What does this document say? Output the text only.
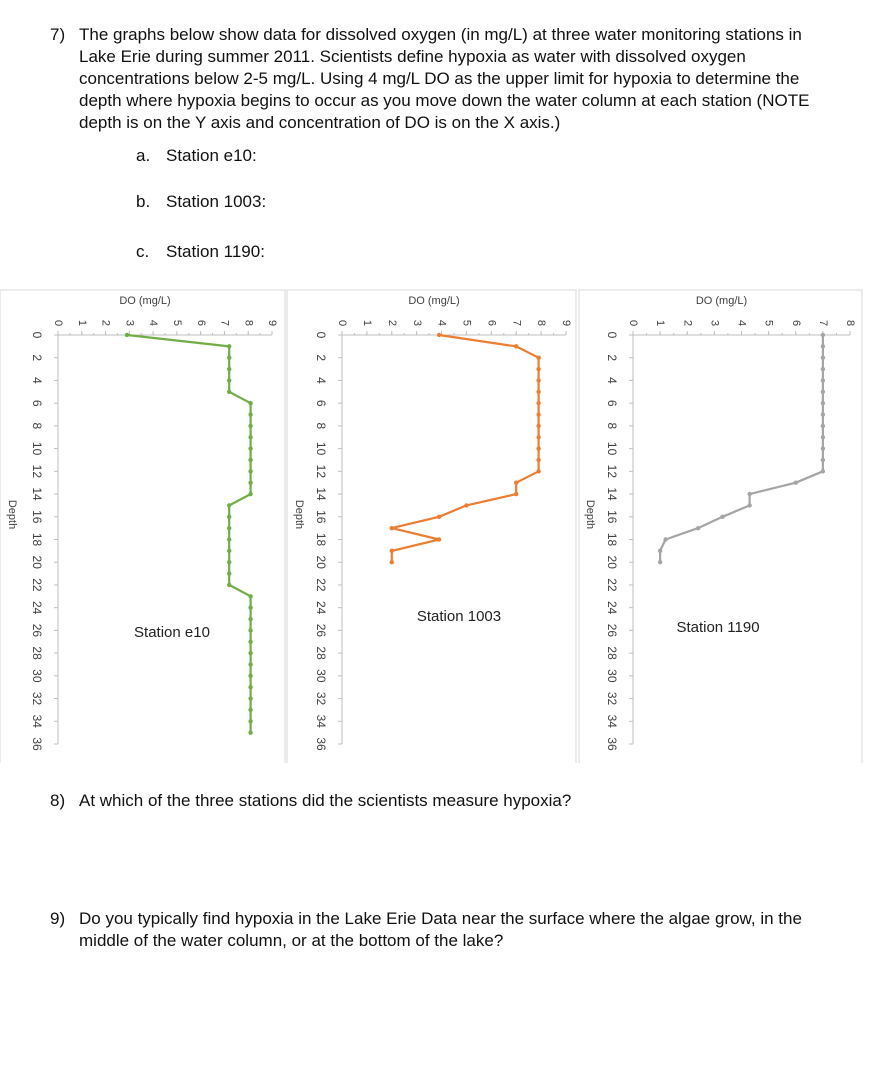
7) The graphs below show data for dissolved oxygen (in mg/L) at three water monitoring stations in Lake Erie during summer 2011. Scientists define hypoxia as water with dissolved oxygen concentrations below 2-5 mg/L. Using 4 mg/L DO as the upper limit for hypoxia to determine the depth where hypoxia begins to occur as you move down the water column at each station (NOTE depth is on the Y axis and concentration of DO is on the X axis.)
a. Station e10:
b. Station 1003:
c. Station 1190:
0 1 2 3 4 5 6 7 8 9
0
2
4
6
8
10
12
14
16
18
20
22
24
26
28
30
32
34
36
DO (mg/L)
Depth
Station e10
0 1 2 3 4 5 6 7 8 9
0
2
4
6
8
10
12
14
16
18
20
22
24
26
28
30
32
34
36
DO (mg/L)
Depth
Station 1003
0 1 2 3 4 5 6 7 8
0
2
4
6
8
10
12
14
16
18
20
22
24
26
28
30
32
34
36
DO (mg/L)
Depth
Station 1190
8) At which of the three stations did the scientists measure hypoxia?
9) Do you typically find hypoxia in the Lake Erie Data near the surface where the algae grow, in the middle of the water column, or at the bottom of the lake?
